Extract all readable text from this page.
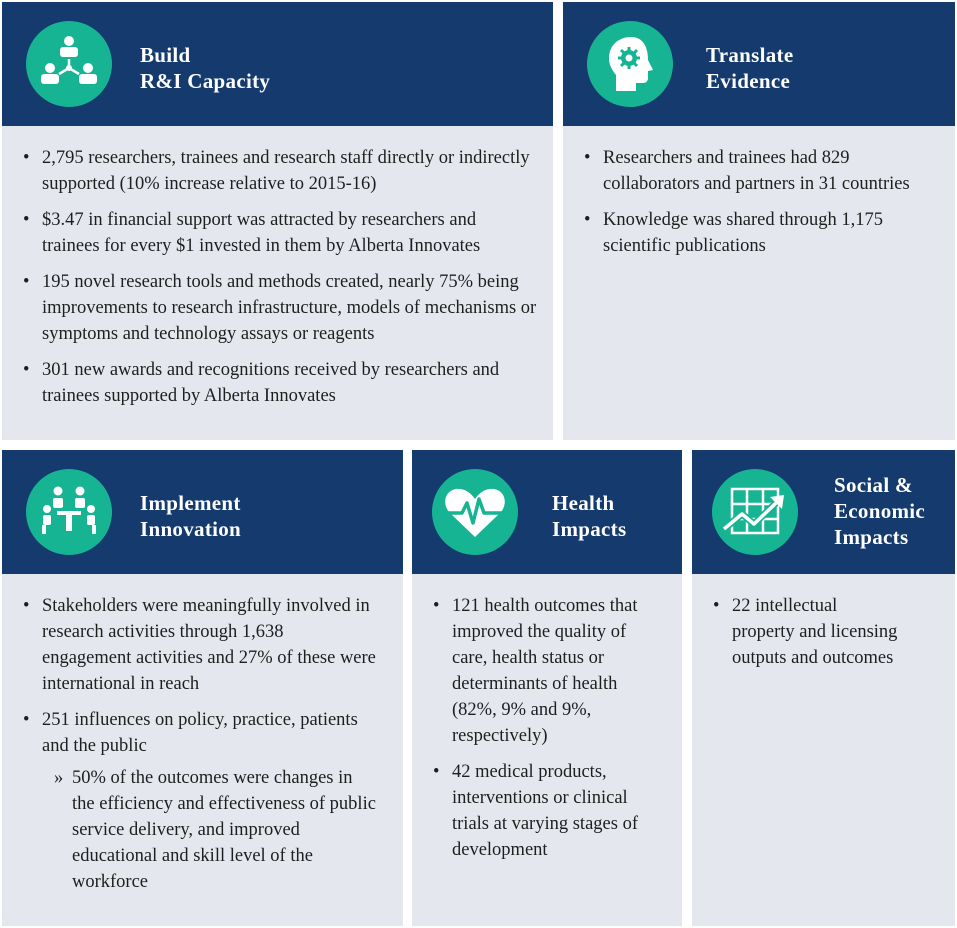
Build
R&I Capacity
• 2,795 researchers, trainees and research staff directly or indirectly supported (10% increase relative to 2015-16)
• $3.47 in financial support was attracted by researchers and trainees for every $1 invested in them by Alberta Innovates
• 195 novel research tools and methods created, nearly 75% being improvements to research infrastructure, models of mechanisms or symptoms and technology assays or reagents
• 301 new awards and recognitions received by researchers and trainees supported by Alberta Innovates
Translate
Evidence
• Researchers and trainees had 829 collaborators and partners in 31 countries
• Knowledge was shared through 1,175 scientific publications
Implement
Innovation
• Stakeholders were meaningfully involved in research activities through 1,638 engagement activities and 27% of these were international in reach
• 251 influences on policy, practice, patients and the public
» 50% of the outcomes were changes in the efficiency and effectiveness of public service delivery, and improved educational and skill level of the workforce
Health
Impacts
• 121 health outcomes that improved the quality of care, health status or determinants of health (82%, 9% and 9%, respectively)
• 42 medical products, interventions or clinical trials at varying stages of development
Social &
Economic
Impacts
• 22 intellectual property and licensing outputs and outcomes
